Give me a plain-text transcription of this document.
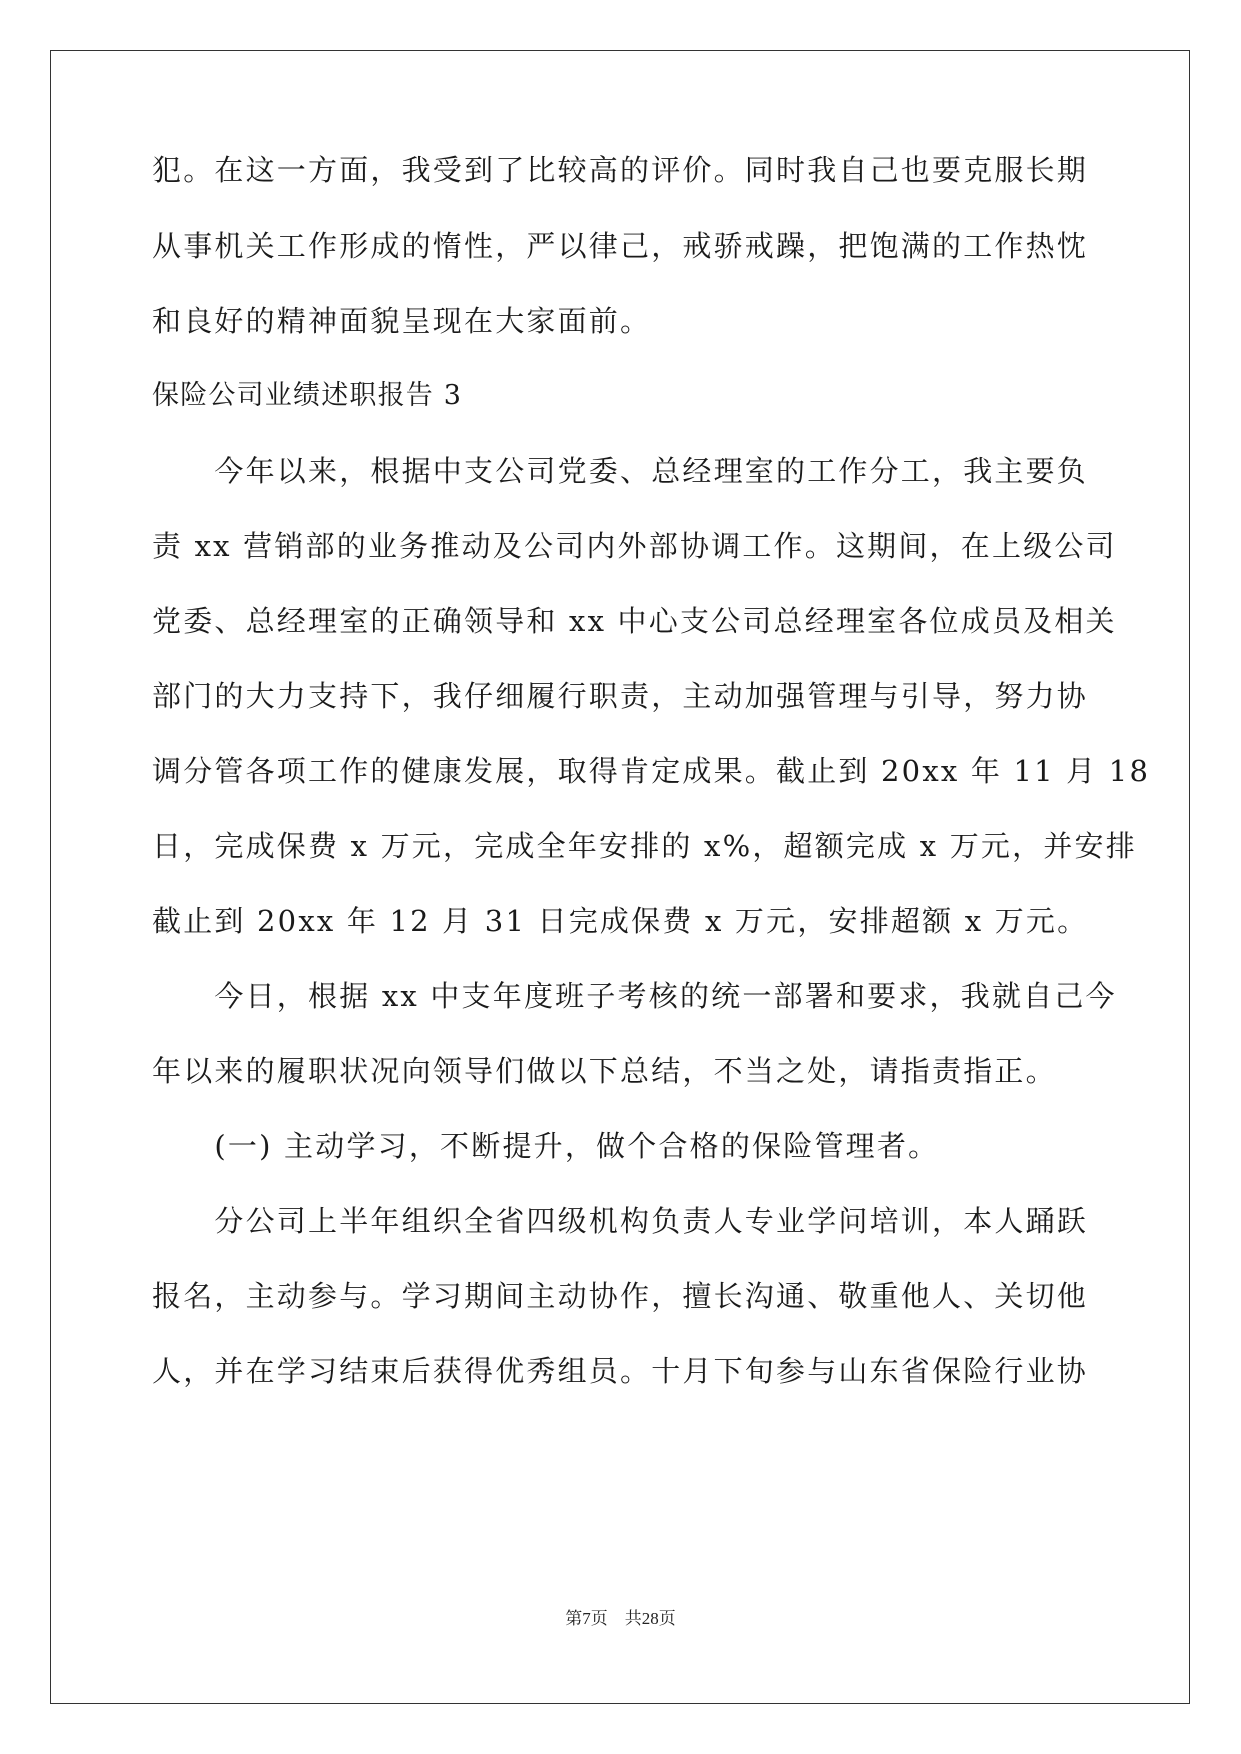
犯。在这一方面，我受到了比较高的评价。同时我自己也要克服长期
从事机关工作形成的惰性，严以律己，戒骄戒躁，把饱满的工作热忱
和良好的精神面貌呈现在大家面前。
保险公司业绩述职报告 3
　　今年以来，根据中支公司党委、总经理室的工作分工，我主要负
责 xx 营销部的业务推动及公司内外部协调工作。这期间，在上级公司
党委、总经理室的正确领导和 xx 中心支公司总经理室各位成员及相关
部门的大力支持下，我仔细履行职责，主动加强管理与引导，努力协
调分管各项工作的健康发展，取得肯定成果。截止到 20xx 年 11 月 18
日，完成保费 x 万元，完成全年安排的 x%，超额完成 x 万元，并安排
截止到 20xx 年 12 月 31 日完成保费 x 万元，安排超额 x 万元。
　　今日，根据 xx 中支年度班子考核的统一部署和要求，我就自己今
年以来的履职状况向领导们做以下总结，不当之处，请指责指正。
　　(一) 主动学习，不断提升，做个合格的保险管理者。
　　分公司上半年组织全省四级机构负责人专业学问培训，本人踊跃
报名，主动参与。学习期间主动协作，擅长沟通、敬重他人、关切他
人，并在学习结束后获得优秀组员。十月下旬参与山东省保险行业协
第7页　 共28页
